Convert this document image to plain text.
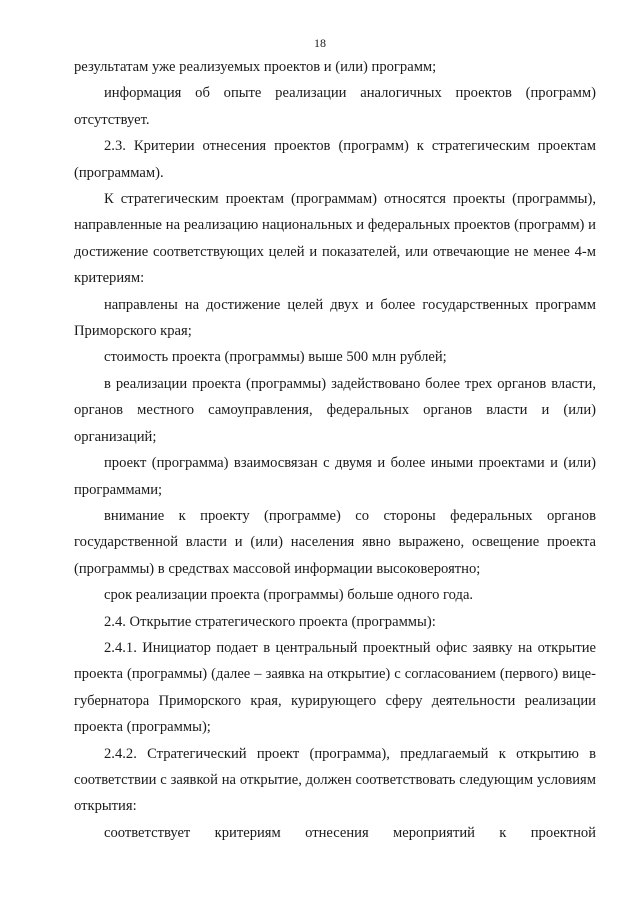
18

результатам уже реализуемых проектов и (или) программ;

информация об опыте реализации аналогичных проектов (программ) отсутствует.

2.3. Критерии отнесения проектов (программ) к стратегическим проектам (программам).

К стратегическим проектам (программам) относятся проекты (программы), направленные на реализацию национальных и федеральных проектов (программ) и достижение соответствующих целей и показателей, или отвечающие не менее 4-м критериям:

направлены на достижение целей двух и более государственных программ Приморского края;

стоимость проекта (программы) выше 500 млн рублей;

в реализации проекта (программы) задействовано более трех органов власти, органов местного самоуправления, федеральных органов власти и (или) организаций;

проект (программа) взаимосвязан с двумя и более иными проектами и (или) программами;

внимание к проекту (программе) со стороны федеральных органов государственной власти и (или) населения явно выражено, освещение проекта (программы) в средствах массовой информации высоковероятно;

срок реализации проекта (программы) больше одного года.

2.4. Открытие стратегического проекта (программы):

2.4.1. Инициатор подает в центральный проектный офис заявку на открытие проекта (программы) (далее – заявка на открытие) с согласованием (первого) вице-губернатора Приморского края, курирующего сферу деятельности реализации проекта (программы);

2.4.2. Стратегический проект (программа), предлагаемый к открытию в соответствии с заявкой на открытие, должен соответствовать следующим условиям открытия:

соответствует критериям отнесения мероприятий к проектной
